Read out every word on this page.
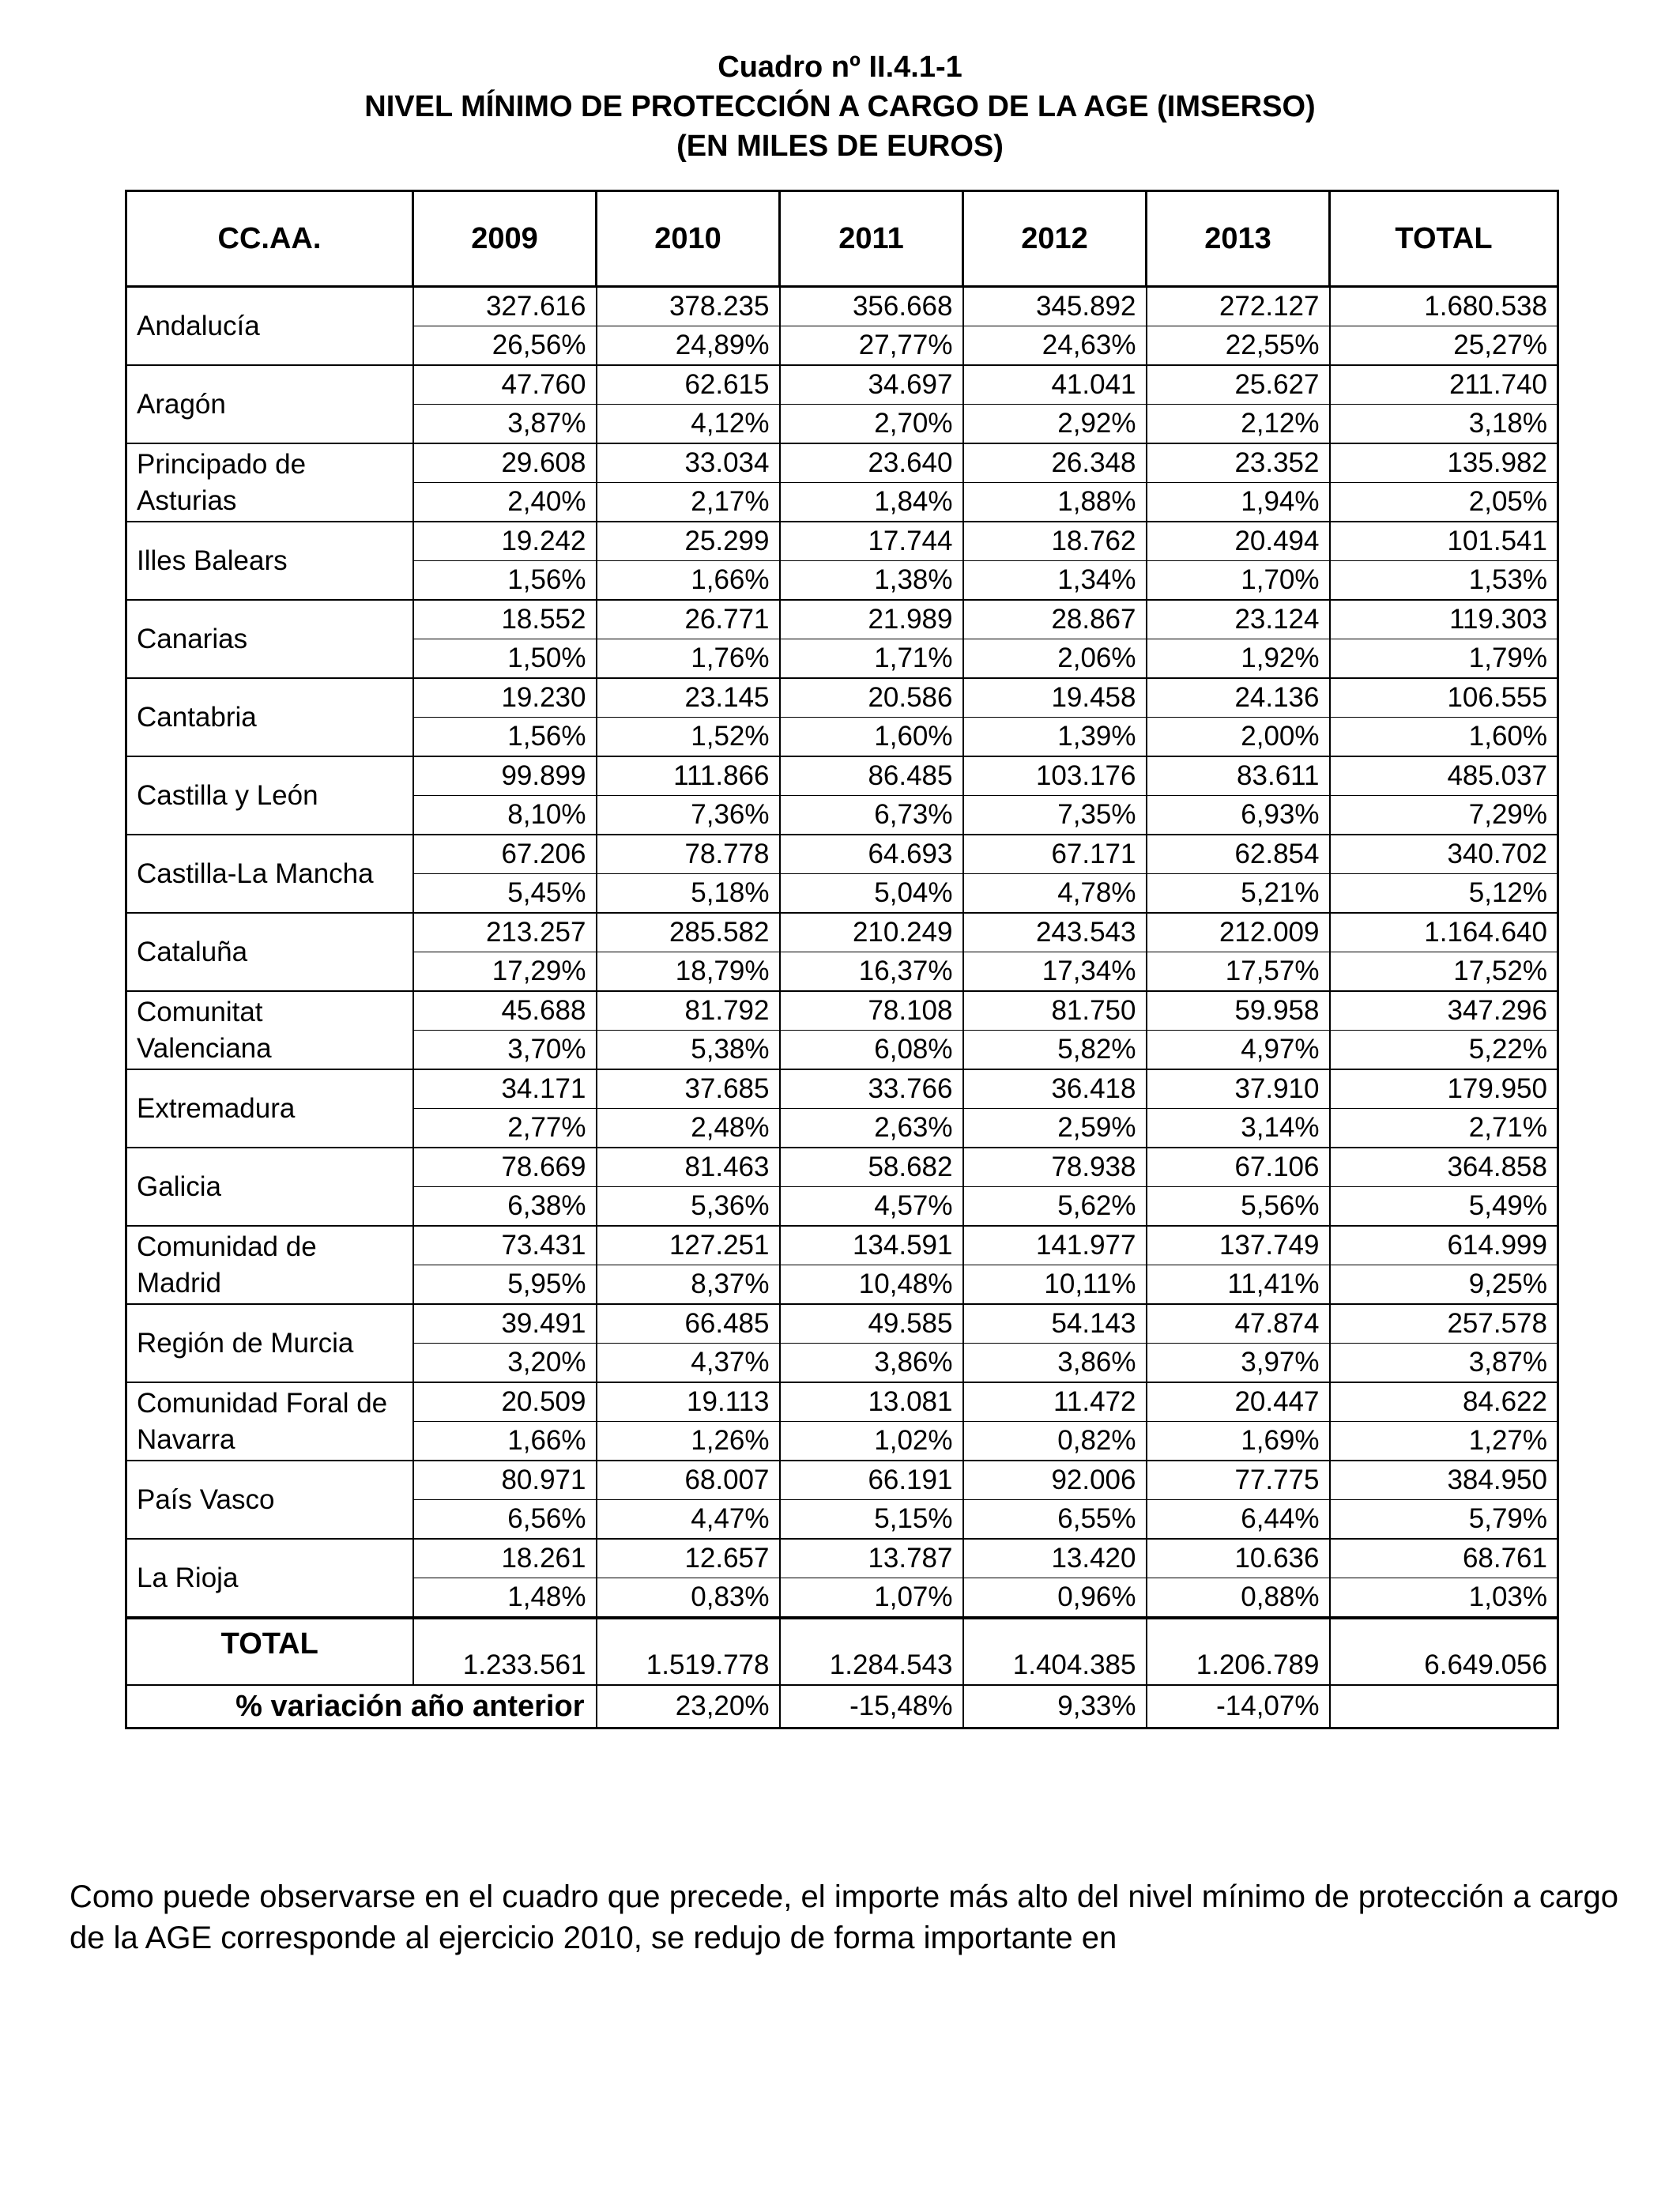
Cuadro nº II.4.1-1
NIVEL MÍNIMO DE PROTECCIÓN A CARGO DE LA AGE (IMSERSO)
(EN MILES DE EUROS)
CC.AA.	2009	2010	2011	2012	2013	TOTAL
Andalucía	327.616	378.235	356.668	345.892	272.127	1.680.538
	26,56%	24,89%	27,77%	24,63%	22,55%	25,27%
Aragón	47.760	62.615	34.697	41.041	25.627	211.740
	3,87%	4,12%	2,70%	2,92%	2,12%	3,18%
Principado de Asturias	29.608	33.034	23.640	26.348	23.352	135.982
	2,40%	2,17%	1,84%	1,88%	1,94%	2,05%
Illes Balears	19.242	25.299	17.744	18.762	20.494	101.541
	1,56%	1,66%	1,38%	1,34%	1,70%	1,53%
Canarias	18.552	26.771	21.989	28.867	23.124	119.303
	1,50%	1,76%	1,71%	2,06%	1,92%	1,79%
Cantabria	19.230	23.145	20.586	19.458	24.136	106.555
	1,56%	1,52%	1,60%	1,39%	2,00%	1,60%
Castilla y León	99.899	111.866	86.485	103.176	83.611	485.037
	8,10%	7,36%	6,73%	7,35%	6,93%	7,29%
Castilla-La Mancha	67.206	78.778	64.693	67.171	62.854	340.702
	5,45%	5,18%	5,04%	4,78%	5,21%	5,12%
Cataluña	213.257	285.582	210.249	243.543	212.009	1.164.640
	17,29%	18,79%	16,37%	17,34%	17,57%	17,52%
Comunitat Valenciana	45.688	81.792	78.108	81.750	59.958	347.296
	3,70%	5,38%	6,08%	5,82%	4,97%	5,22%
Extremadura	34.171	37.685	33.766	36.418	37.910	179.950
	2,77%	2,48%	2,63%	2,59%	3,14%	2,71%
Galicia	78.669	81.463	58.682	78.938	67.106	364.858
	6,38%	5,36%	4,57%	5,62%	5,56%	5,49%
Comunidad de Madrid	73.431	127.251	134.591	141.977	137.749	614.999
	5,95%	8,37%	10,48%	10,11%	11,41%	9,25%
Región de Murcia	39.491	66.485	49.585	54.143	47.874	257.578
	3,20%	4,37%	3,86%	3,86%	3,97%	3,87%
Comunidad Foral de Navarra	20.509	19.113	13.081	11.472	20.447	84.622
	1,66%	1,26%	1,02%	0,82%	1,69%	1,27%
País Vasco	80.971	68.007	66.191	92.006	77.775	384.950
	6,56%	4,47%	5,15%	6,55%	6,44%	5,79%
La Rioja	18.261	12.657	13.787	13.420	10.636	68.761
	1,48%	0,83%	1,07%	0,96%	0,88%	1,03%
TOTAL	1.233.561	1.519.778	1.284.543	1.404.385	1.206.789	6.649.056
% variación año anterior		23,20%	-15,48%	9,33%	-14,07%	
Como puede observarse en el cuadro que precede, el importe más alto del nivel mínimo de protección a cargo de la AGE corresponde al ejercicio 2010, se redujo de forma importante en
